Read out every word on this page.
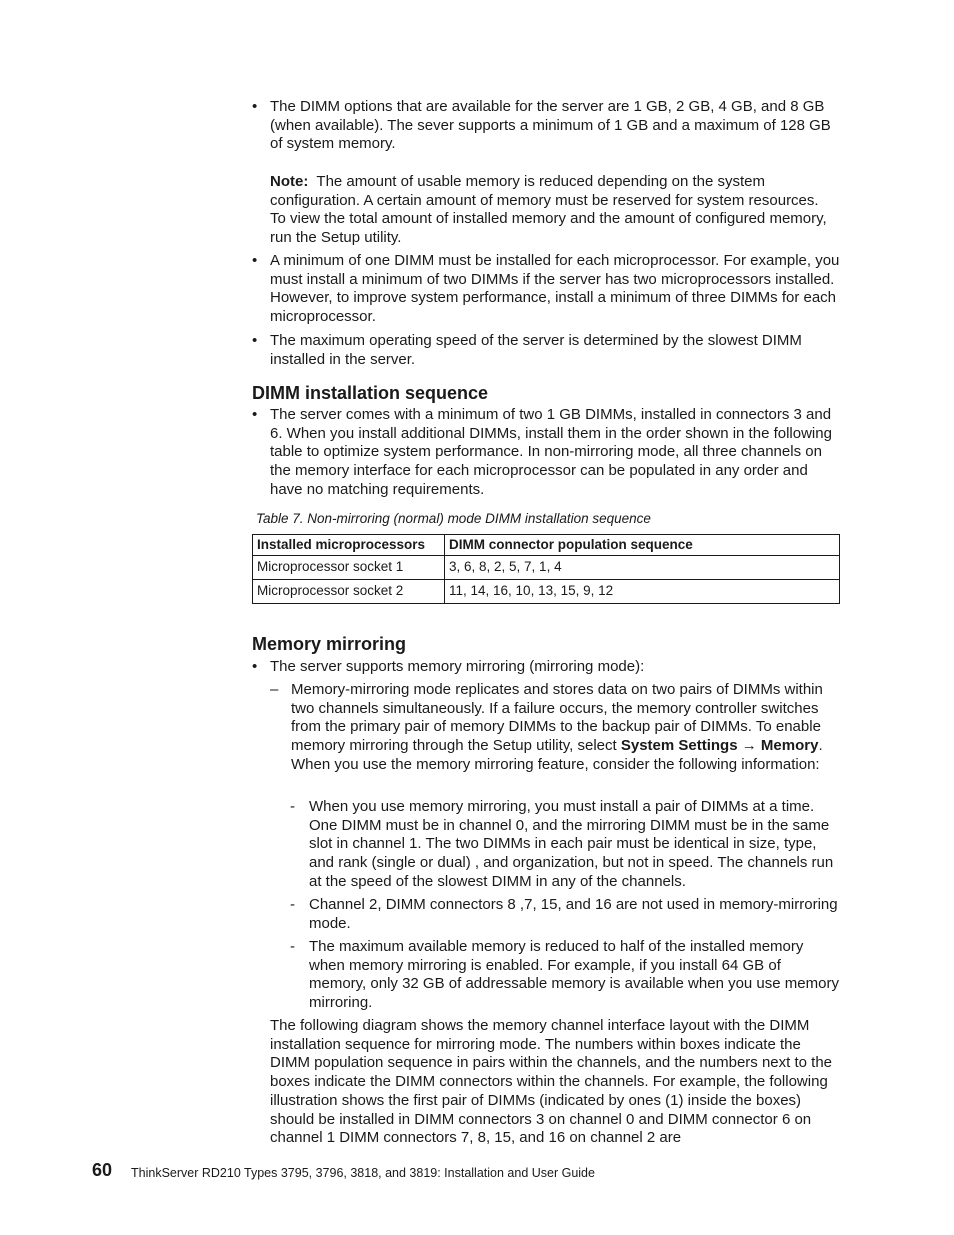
• The DIMM options that are available for the server are 1 GB, 2 GB, 4 GB, and 8 GB (when available). The sever supports a minimum of 1 GB and a maximum of 128 GB of system memory.
Note: The amount of usable memory is reduced depending on the system configuration. A certain amount of memory must be reserved for system resources. To view the total amount of installed memory and the amount of configured memory, run the Setup utility.
• A minimum of one DIMM must be installed for each microprocessor. For example, you must install a minimum of two DIMMs if the server has two microprocessors installed. However, to improve system performance, install a minimum of three DIMMs for each microprocessor.
• The maximum operating speed of the server is determined by the slowest DIMM installed in the server.
DIMM installation sequence
• The server comes with a minimum of two 1 GB DIMMs, installed in connectors 3 and 6. When you install additional DIMMs, install them in the order shown in the following table to optimize system performance. In non-mirroring mode, all three channels on the memory interface for each microprocessor can be populated in any order and have no matching requirements.
Table 7. Non-mirroring (normal) mode DIMM installation sequence
Installed microprocessors	DIMM connector population sequence
Microprocessor socket 1	3, 6, 8, 2, 5, 7, 1, 4
Microprocessor socket 2	11, 14, 16, 10, 13, 15, 9, 12
Memory mirroring
• The server supports memory mirroring (mirroring mode):
– Memory-mirroring mode replicates and stores data on two pairs of DIMMs within two channels simultaneously. If a failure occurs, the memory controller switches from the primary pair of memory DIMMs to the backup pair of DIMMs. To enable memory mirroring through the Setup utility, select System Settings → Memory. When you use the memory mirroring feature, consider the following information:
- When you use memory mirroring, you must install a pair of DIMMs at a time. One DIMM must be in channel 0, and the mirroring DIMM must be in the same slot in channel 1. The two DIMMs in each pair must be identical in size, type, and rank (single or dual) , and organization, but not in speed. The channels run at the speed of the slowest DIMM in any of the channels.
- Channel 2, DIMM connectors 8 ,7, 15, and 16 are not used in memory-mirroring mode.
- The maximum available memory is reduced to half of the installed memory when memory mirroring is enabled. For example, if you install 64 GB of memory, only 32 GB of addressable memory is available when you use memory mirroring.
The following diagram shows the memory channel interface layout with the DIMM installation sequence for mirroring mode. The numbers within boxes indicate the DIMM population sequence in pairs within the channels, and the numbers next to the boxes indicate the DIMM connectors within the channels. For example, the following illustration shows the first pair of DIMMs (indicated by ones (1) inside the boxes) should be installed in DIMM connectors 3 on channel 0 and DIMM connector 6 on channel 1 DIMM connectors 7, 8, 15, and 16 on channel 2 are
60 ThinkServer RD210 Types 3795, 3796, 3818, and 3819: Installation and User Guide
